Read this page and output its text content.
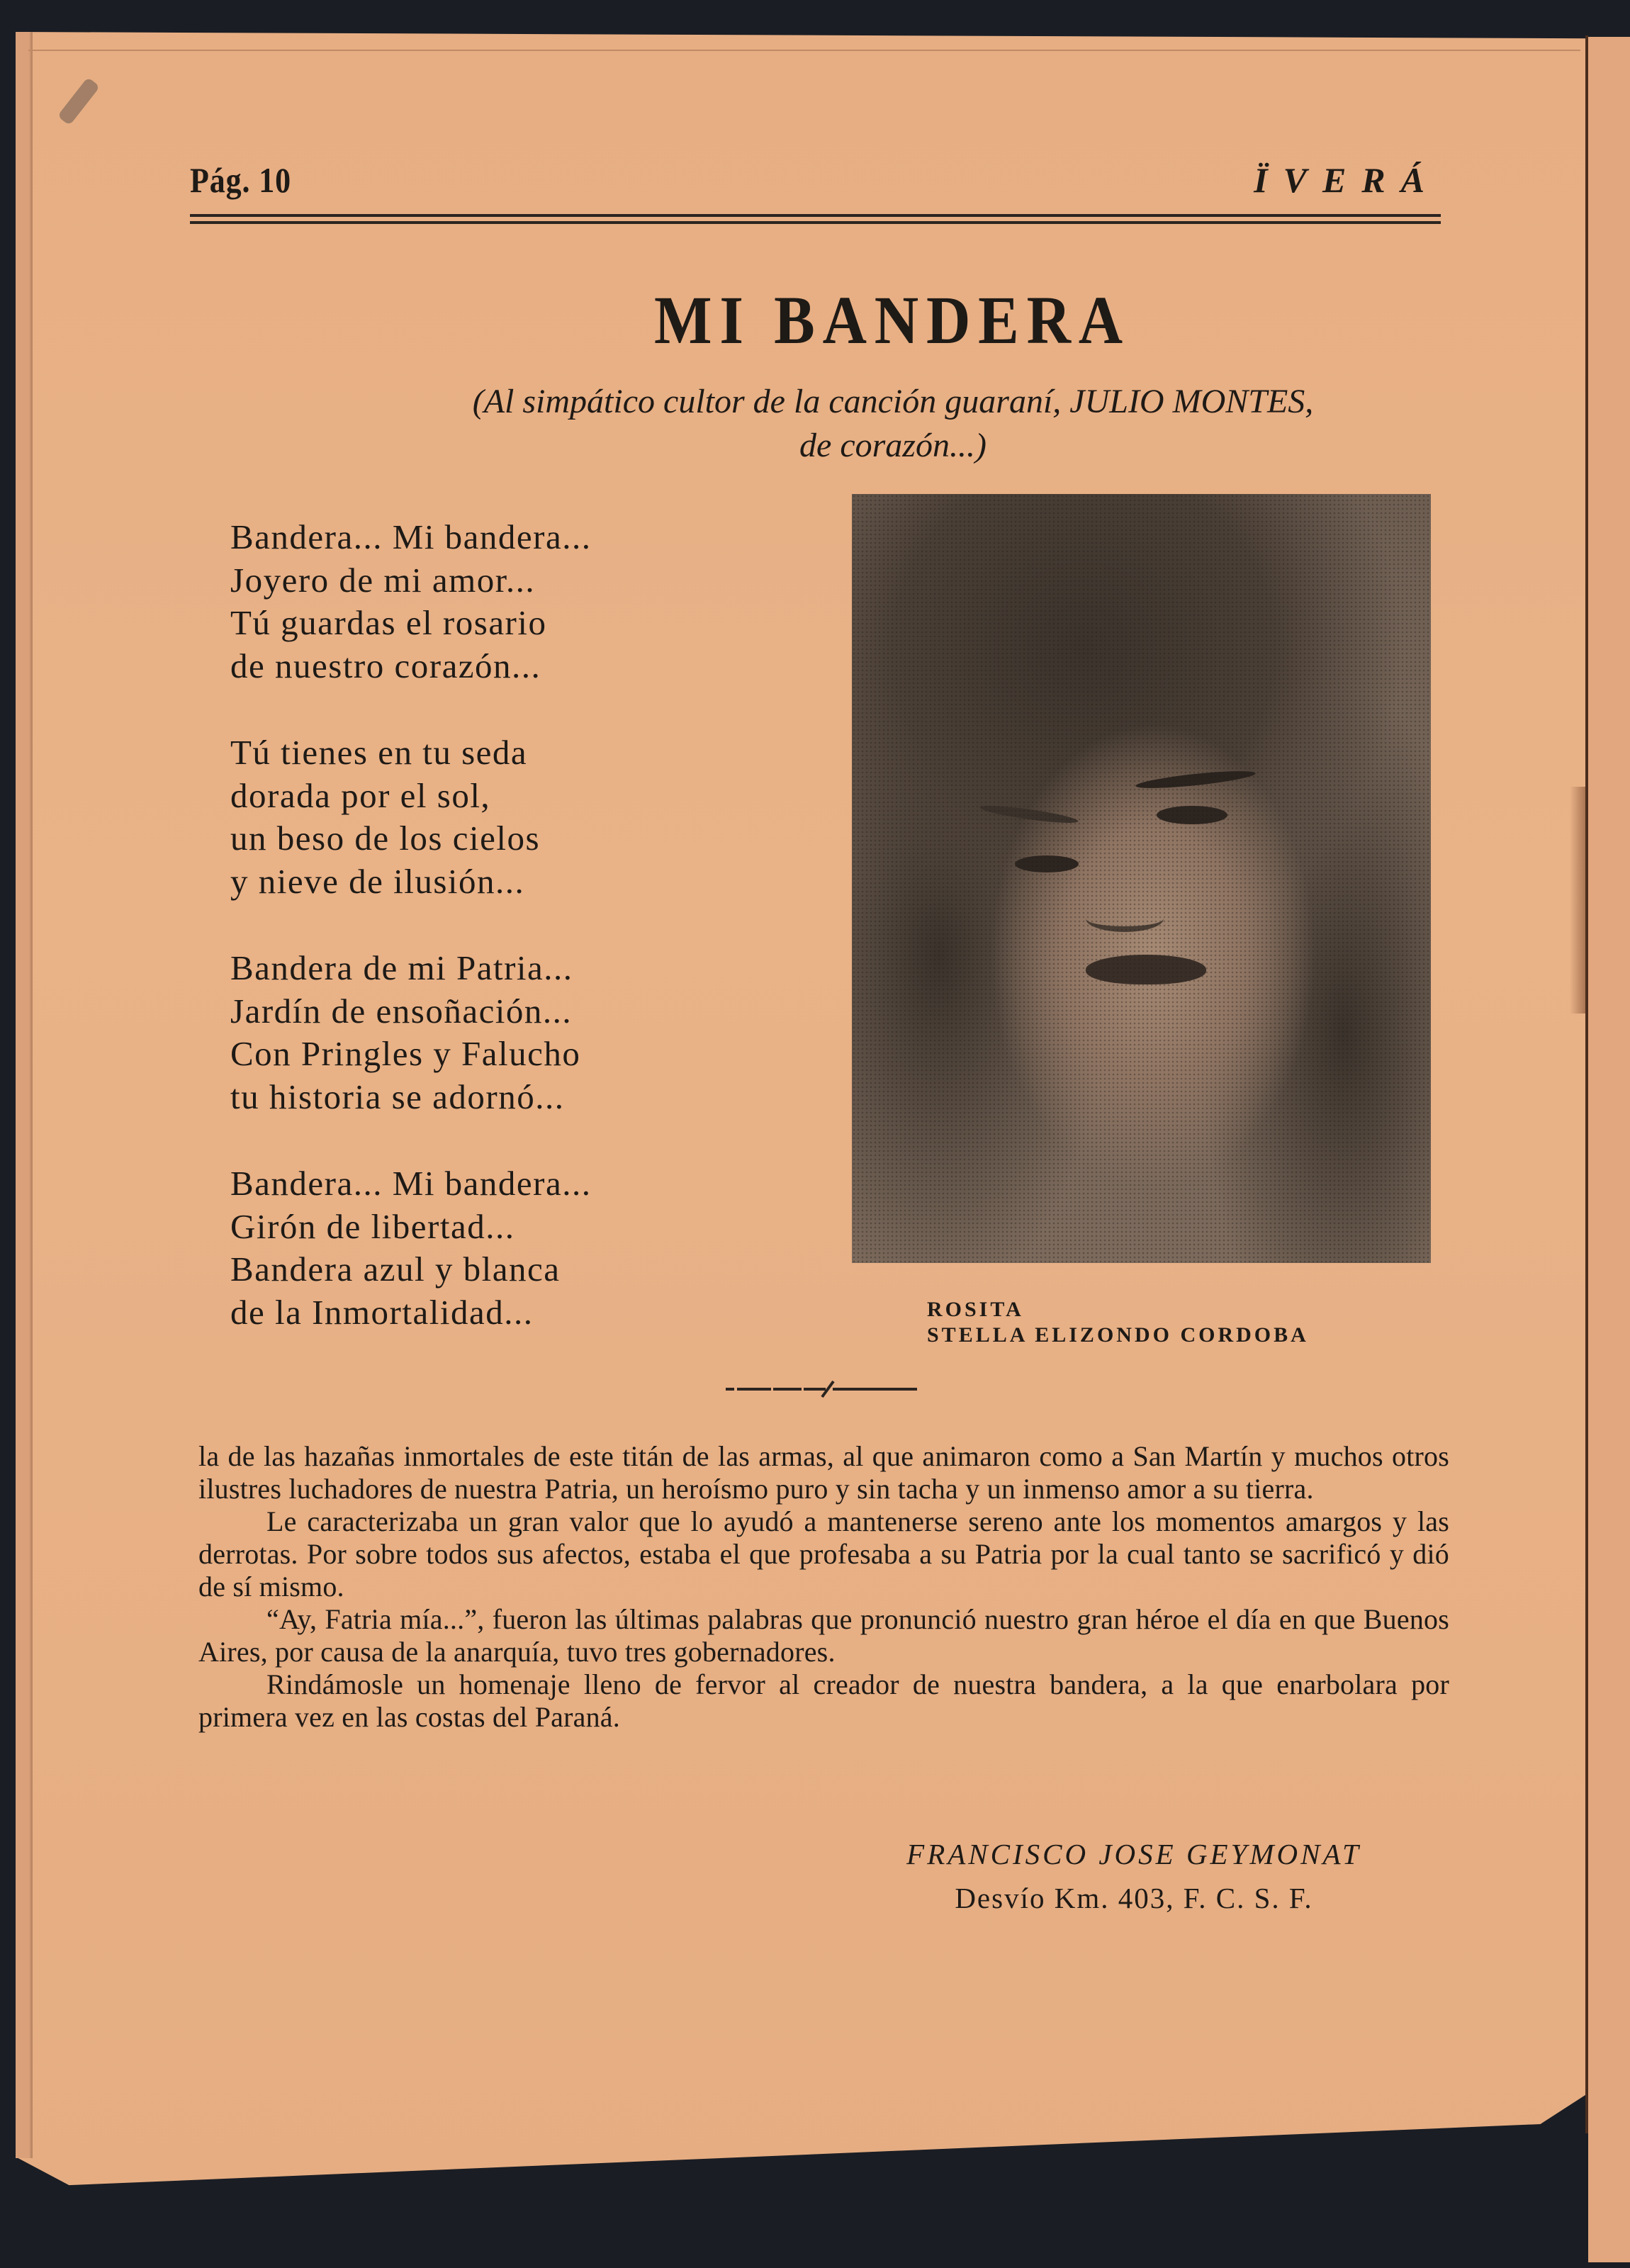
Pág. 10	ÏVERÁ
MI BANDERA
(Al simpático cultor de la canción guaraní, JULIO MONTES,
de corazón...)
Bandera... Mi bandera...
Joyero de mi amor...
Tú guardas el rosario
de nuestro corazón...
Tú tienes en tu seda
dorada por el sol,
un beso de los cielos
y nieve de ilusión...
Bandera de mi Patria...
Jardín de ensoñación...
Con Pringles y Falucho
tu historia se adornó...
Bandera... Mi bandera...
Girón de libertad...
Bandera azul y blanca
de la Inmortalidad...	ROSITA
STELLA ELIZONDO CORDOBA

la de las hazañas inmortales de este titán de las armas, al que animaron como a San Martín y muchos otros ilustres luchadores de nuestra Patria, un heroísmo puro y sin tacha y un inmenso amor a su tierra.

Le caracterizaba un gran valor que lo ayudó a mantenerse sereno ante los momentos amargos y las derrotas. Por sobre todos sus afectos, estaba el que profesaba a su Patria por la cual tanto se sacrificó y dió de sí mismo.

“Ay, Fatria mía...”, fueron las últimas palabras que pronunció nuestro gran héroe el día en que Buenos Aires, por causa de la anarquía, tuvo tres gobernadores.

Rindámosle un homenaje lleno de fervor al creador de nuestra bandera, a la que enarbolara por primera vez en las costas del Paraná.

FRANCISCO JOSE GEYMONAT
Desvío Km. 403, F. C. S. F.
